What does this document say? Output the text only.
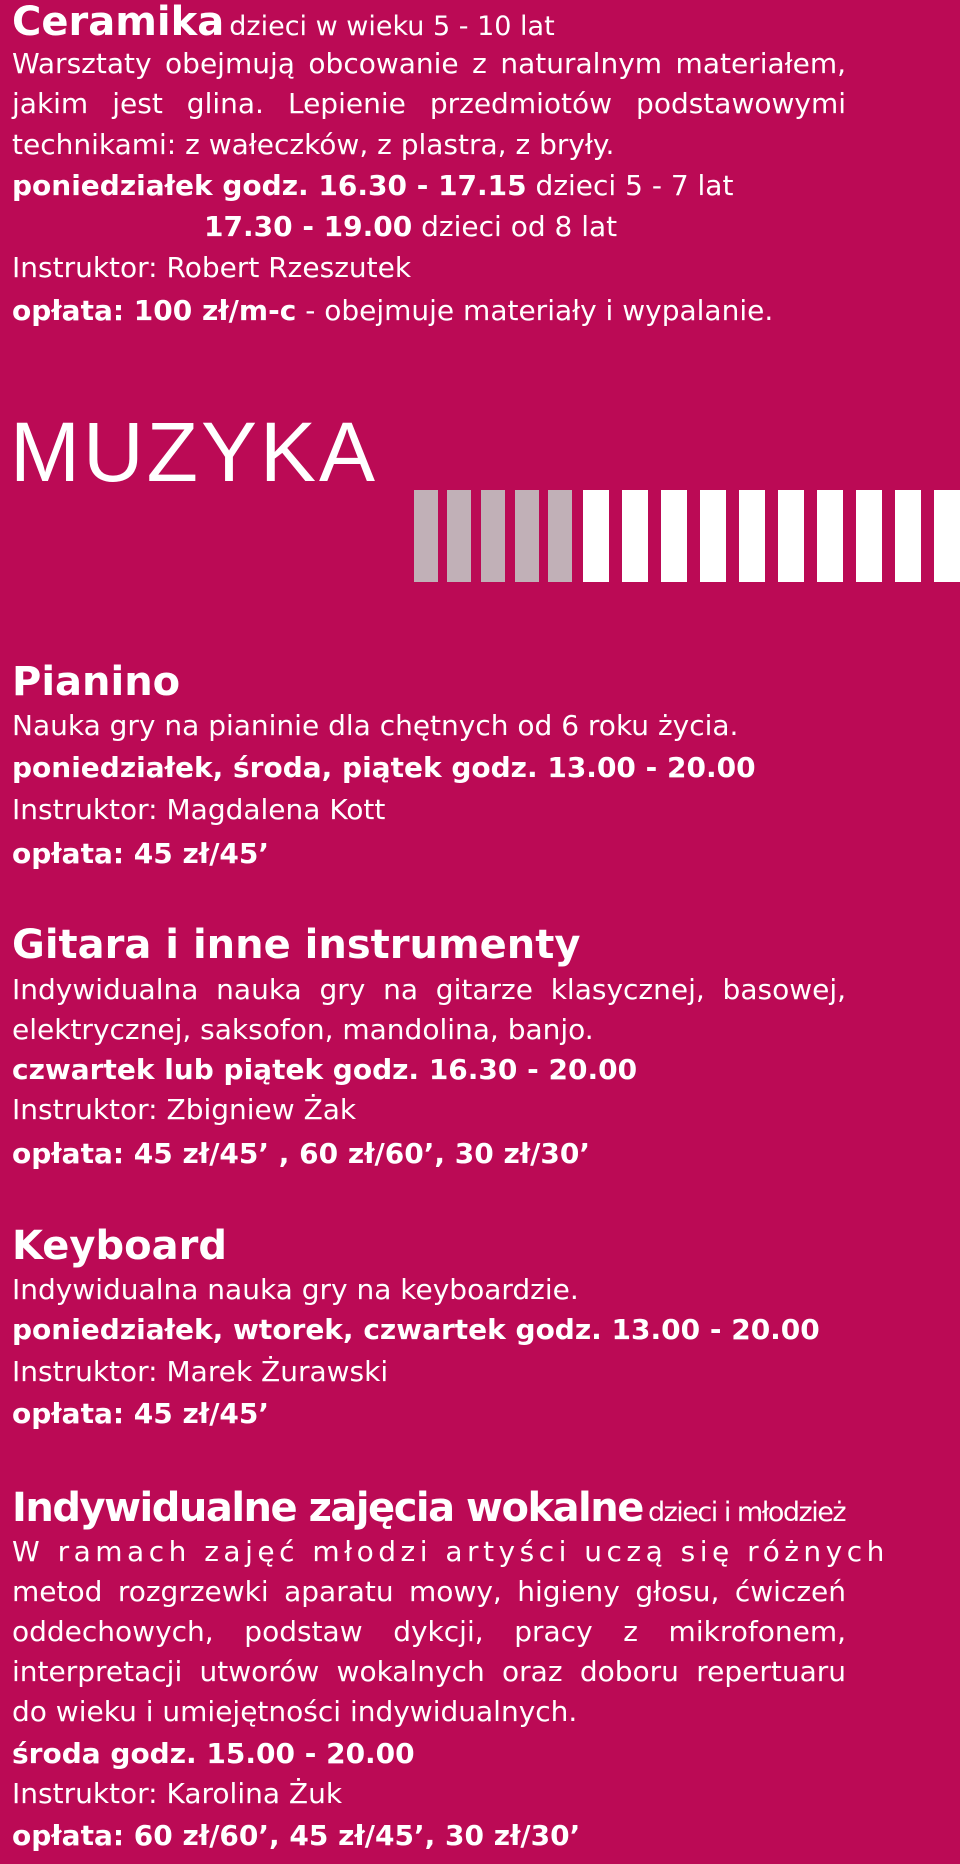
Ceramika dzieci w wieku 5 - 10 lat
Warsztaty obejmują obcowanie z naturalnym materiałem,
jakim jest glina. Lepienie przedmiotów podstawowymi
technikami: z wałeczków, z plastra, z bryły.
poniedziałek godz. 16.30 - 17.15 dzieci 5 - 7 lat
17.30 - 19.00 dzieci od 8 lat
Instruktor: Robert Rzeszutek
opłata: 100 zł/m-c - obejmuje materiały i wypalanie.
MUZYKA
Pianino
Nauka gry na pianinie dla chętnych od 6 roku życia.
poniedziałek, środa, piątek godz. 13.00 - 20.00
Instruktor: Magdalena Kott
opłata: 45 zł/45’
Gitara i inne instrumenty
Indywidualna nauka gry na gitarze klasycznej, basowej,
elektrycznej, saksofon, mandolina, banjo.
czwartek lub piątek godz. 16.30 - 20.00
Instruktor: Zbigniew Żak
opłata: 45 zł/45’ , 60 zł/60’, 30 zł/30’
Keyboard
Indywidualna nauka gry na keyboardzie.
poniedziałek, wtorek, czwartek godz. 13.00 - 20.00
Instruktor: Marek Żurawski
opłata: 45 zł/45’
Indywidualne zajęcia wokalne dzieci i młodzież
W ramach zajęć młodzi artyści uczą się różnych
metod rozgrzewki aparatu mowy, higieny głosu, ćwiczeń
oddechowych, podstaw dykcji, pracy z mikrofonem,
interpretacji utworów wokalnych oraz doboru repertuaru
do wieku i umiejętności indywidualnych.
środa godz. 15.00 - 20.00
Instruktor: Karolina Żuk
opłata: 60 zł/60’, 45 zł/45’, 30 zł/30’
